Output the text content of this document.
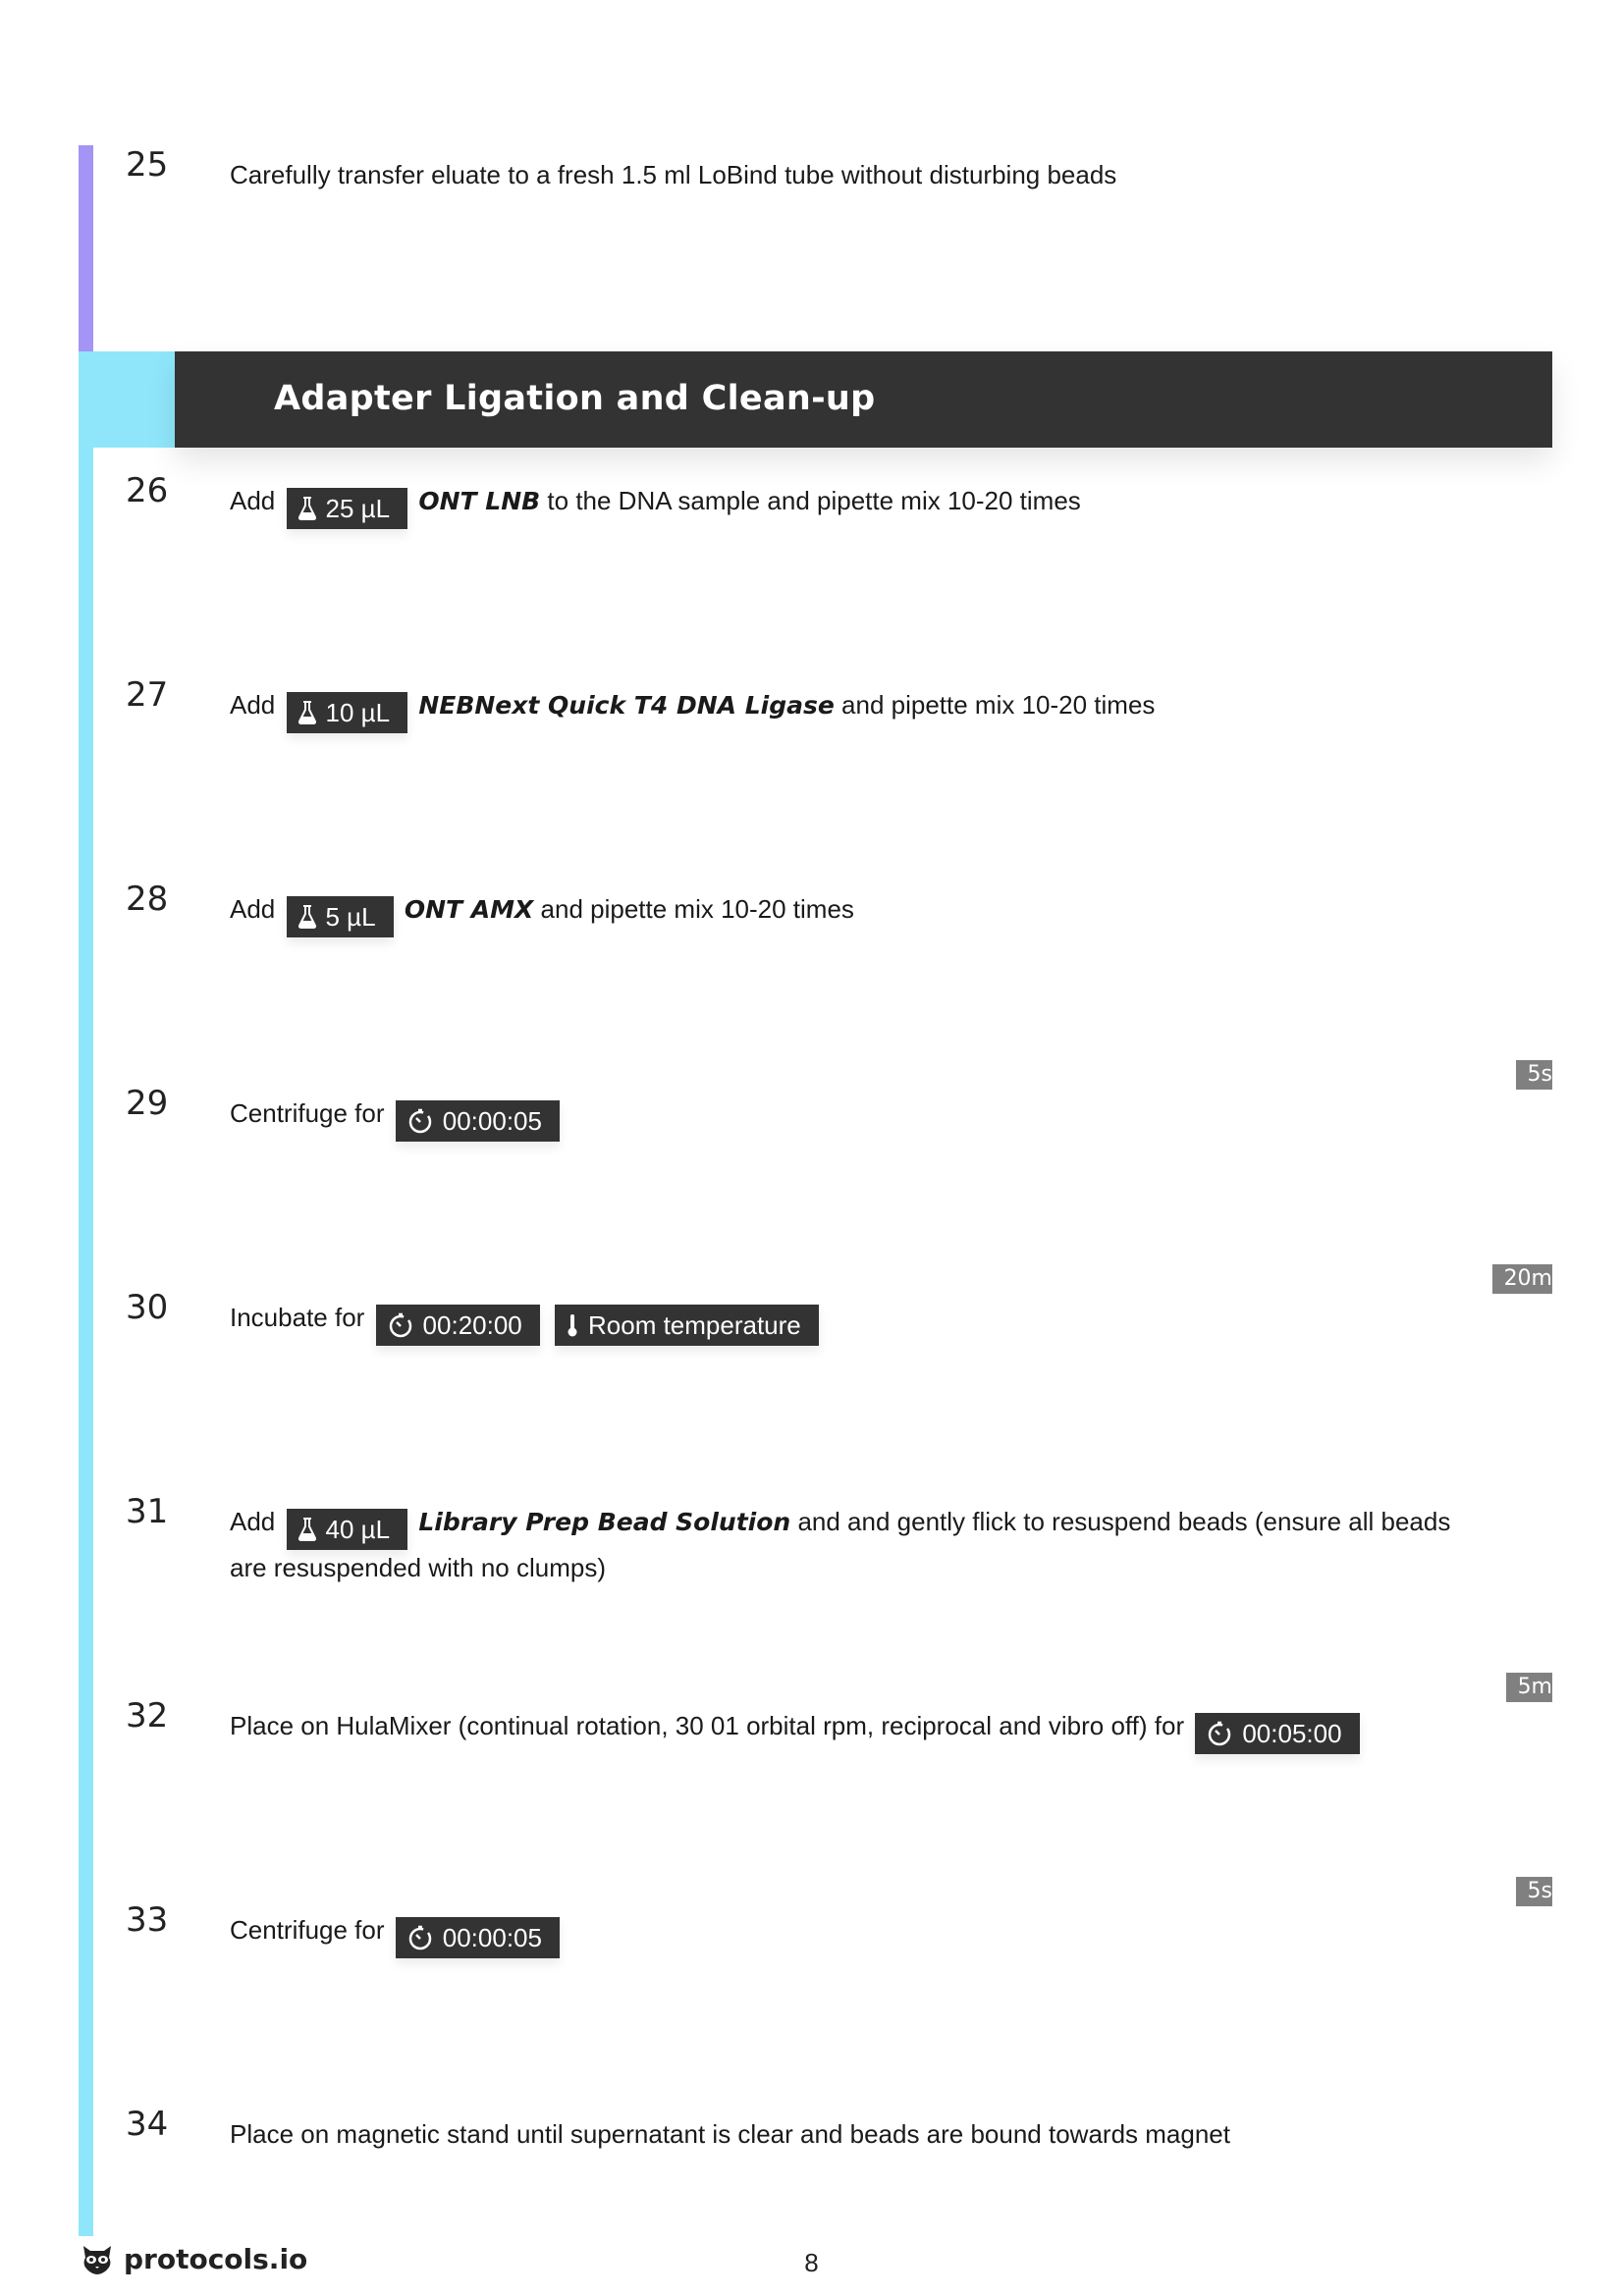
25 Carefully transfer eluate to a fresh 1.5 ml LoBind tube without disturbing beads
Adapter Ligation and Clean-up
26 Add 25 µL ONT LNB to the DNA sample and pipette mix 10-20 times
27 Add 10 µL NEBNext Quick T4 DNA Ligase and pipette mix 10-20 times
28 Add 5 µL ONT AMX and pipette mix 10-20 times
5s
29 Centrifuge for 00:00:05
20m
30 Incubate for 00:20:00
	Room temperature
31 Add 40 µL Library Prep Bead Solution and and gently flick to resuspend beads (ensure all beads are resuspended with no clumps)
5m
32 Place on HulaMixer (continual rotation, 30 01 orbital rpm, reciprocal and vibro off) for 00:05:00
5s
33 Centrifuge for 00:00:05
34 Place on magnetic stand until supernatant is clear and beads are bound towards magnet
protocols.io	8
